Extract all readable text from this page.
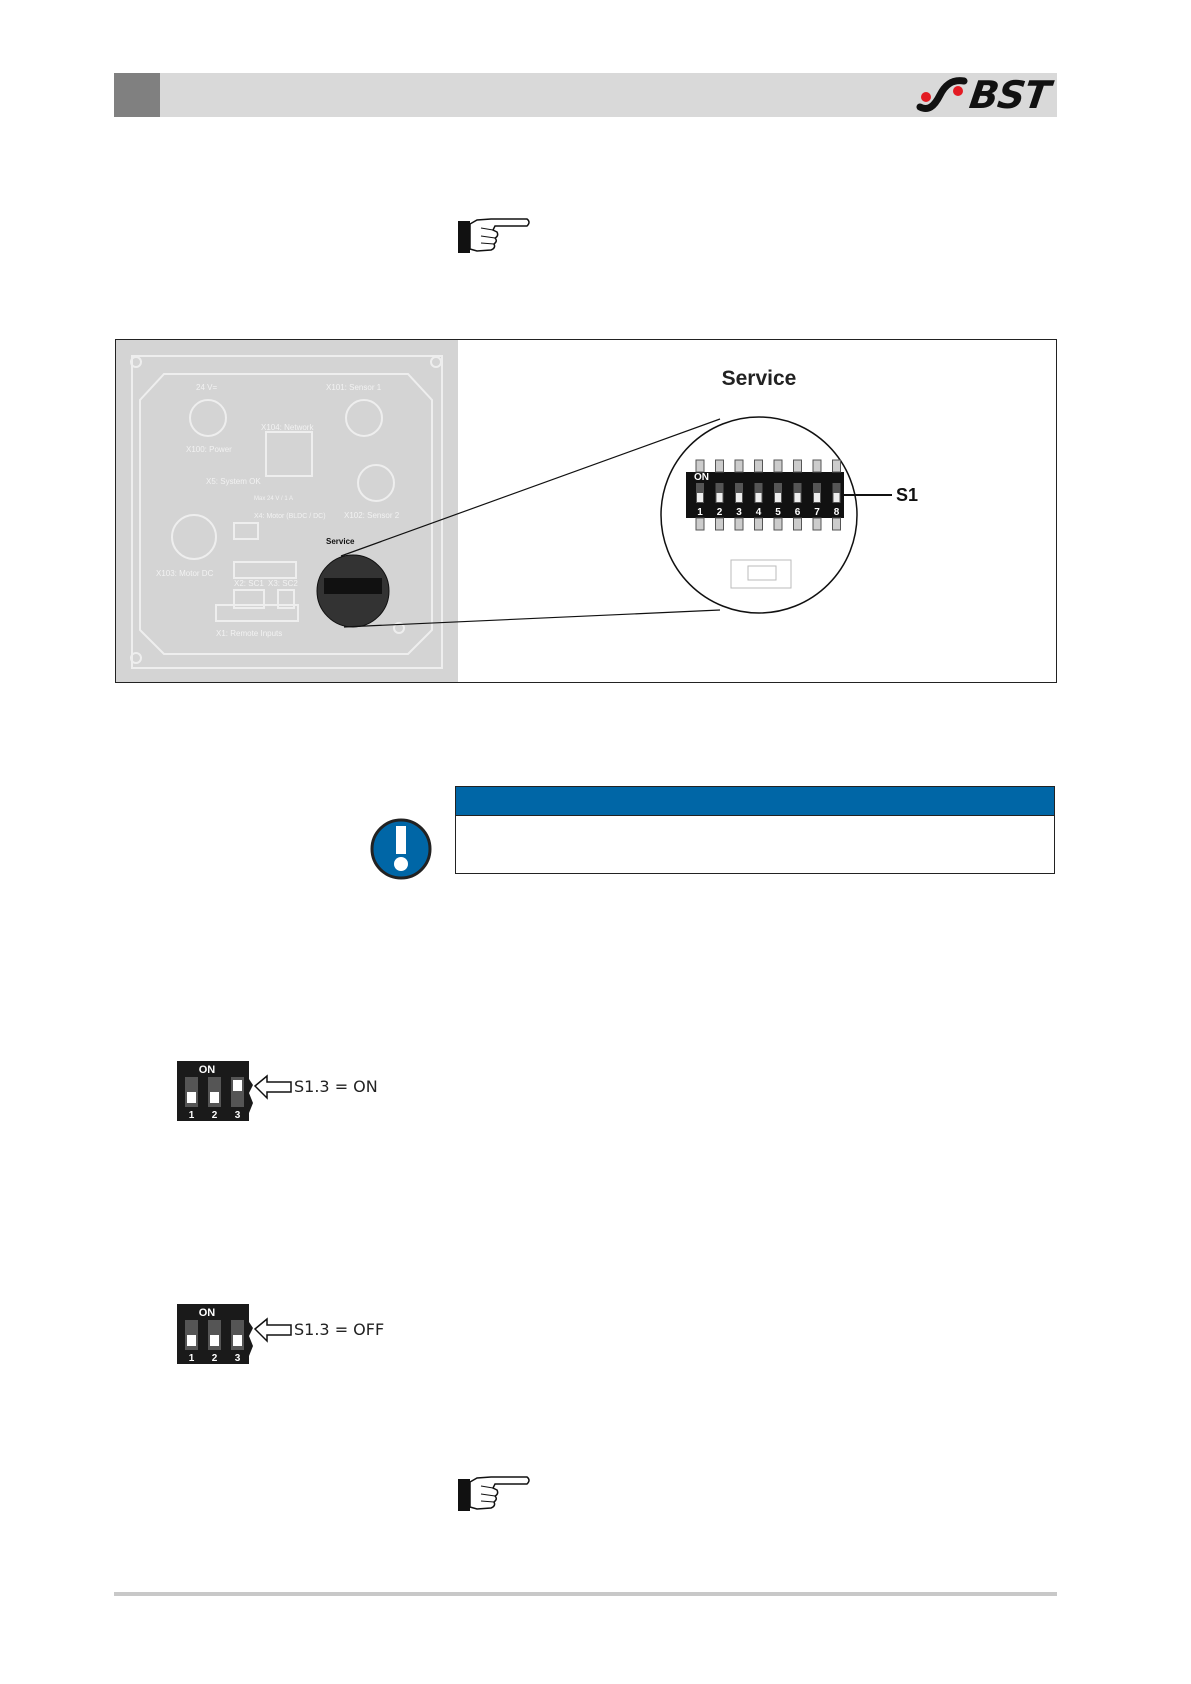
BST
24 V=	X101: Sensor 1
X104: Network
X100: Power
X5: System OK
Max 24 V / 1 A
X4: Motor (BLDC / DC) X102: Sensor 2
X103: Motor DC
X2: SC1 X3: SC2
X1: Remote Inputs
Service
1 2 3 4 5 6 7 8
ON
S1
Service
ON
1 2 3
S1.3 = ON
ON
1 2 3
S1.3 = OFF
